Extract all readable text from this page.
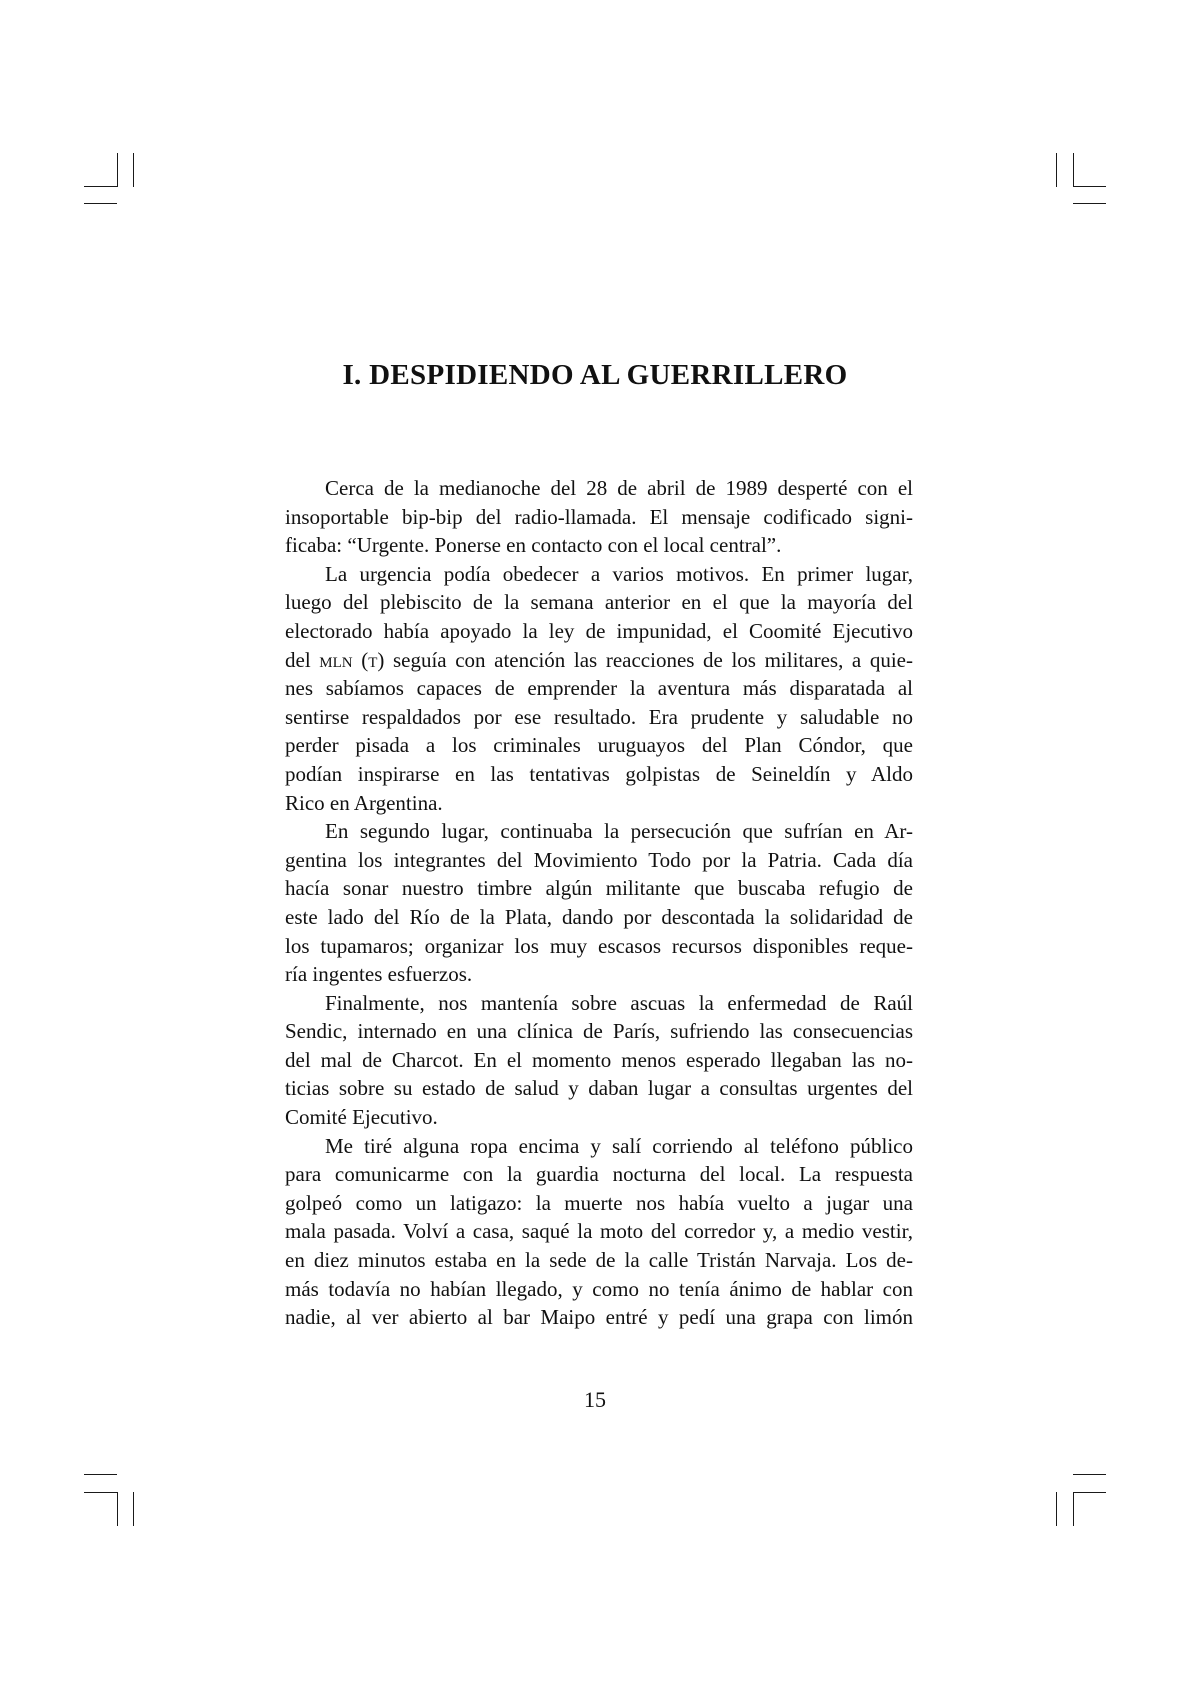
I. DESPIDIENDO AL GUERRILLERO
Cerca de la medianoche del 28 de abril de 1989 desperté con el
insoportable bip-bip del radio-llamada. El mensaje codificado signi-
ficaba: “Urgente. Ponerse en contacto con el local central”.
La urgencia podía obedecer a varios motivos. En primer lugar,
luego del plebiscito de la semana anterior en el que la mayoría del
electorado había apoyado la ley de impunidad, el Coomité Ejecutivo
del mln (t) seguía con atención las reacciones de los militares, a quie-
nes sabíamos capaces de emprender la aventura más disparatada al
sentirse respaldados por ese resultado. Era prudente y saludable no
perder pisada a los criminales uruguayos del Plan Cóndor, que
podían inspirarse en las tentativas golpistas de Seineldín y Aldo
Rico en Argentina.
En segundo lugar, continuaba la persecución que sufrían en Ar-
gentina los integrantes del Movimiento Todo por la Patria. Cada día
hacía sonar nuestro timbre algún militante que buscaba refugio de
este lado del Río de la Plata, dando por descontada la solidaridad de
los tupamaros; organizar los muy escasos recursos disponibles reque-
ría ingentes esfuerzos.
Finalmente, nos mantenía sobre ascuas la enfermedad de Raúl
Sendic, internado en una clínica de París, sufriendo las consecuencias
del mal de Charcot. En el momento menos esperado llegaban las no-
ticias sobre su estado de salud y daban lugar a consultas urgentes del
Comité Ejecutivo.
Me tiré alguna ropa encima y salí corriendo al teléfono público
para comunicarme con la guardia nocturna del local. La respuesta
golpeó como un latigazo: la muerte nos había vuelto a jugar una
mala pasada. Volví a casa, saqué la moto del corredor y, a medio vestir,
en diez minutos estaba en la sede de la calle Tristán Narvaja. Los de-
más todavía no habían llegado, y como no tenía ánimo de hablar con
nadie, al ver abierto al bar Maipo entré y pedí una grapa con limón
15
